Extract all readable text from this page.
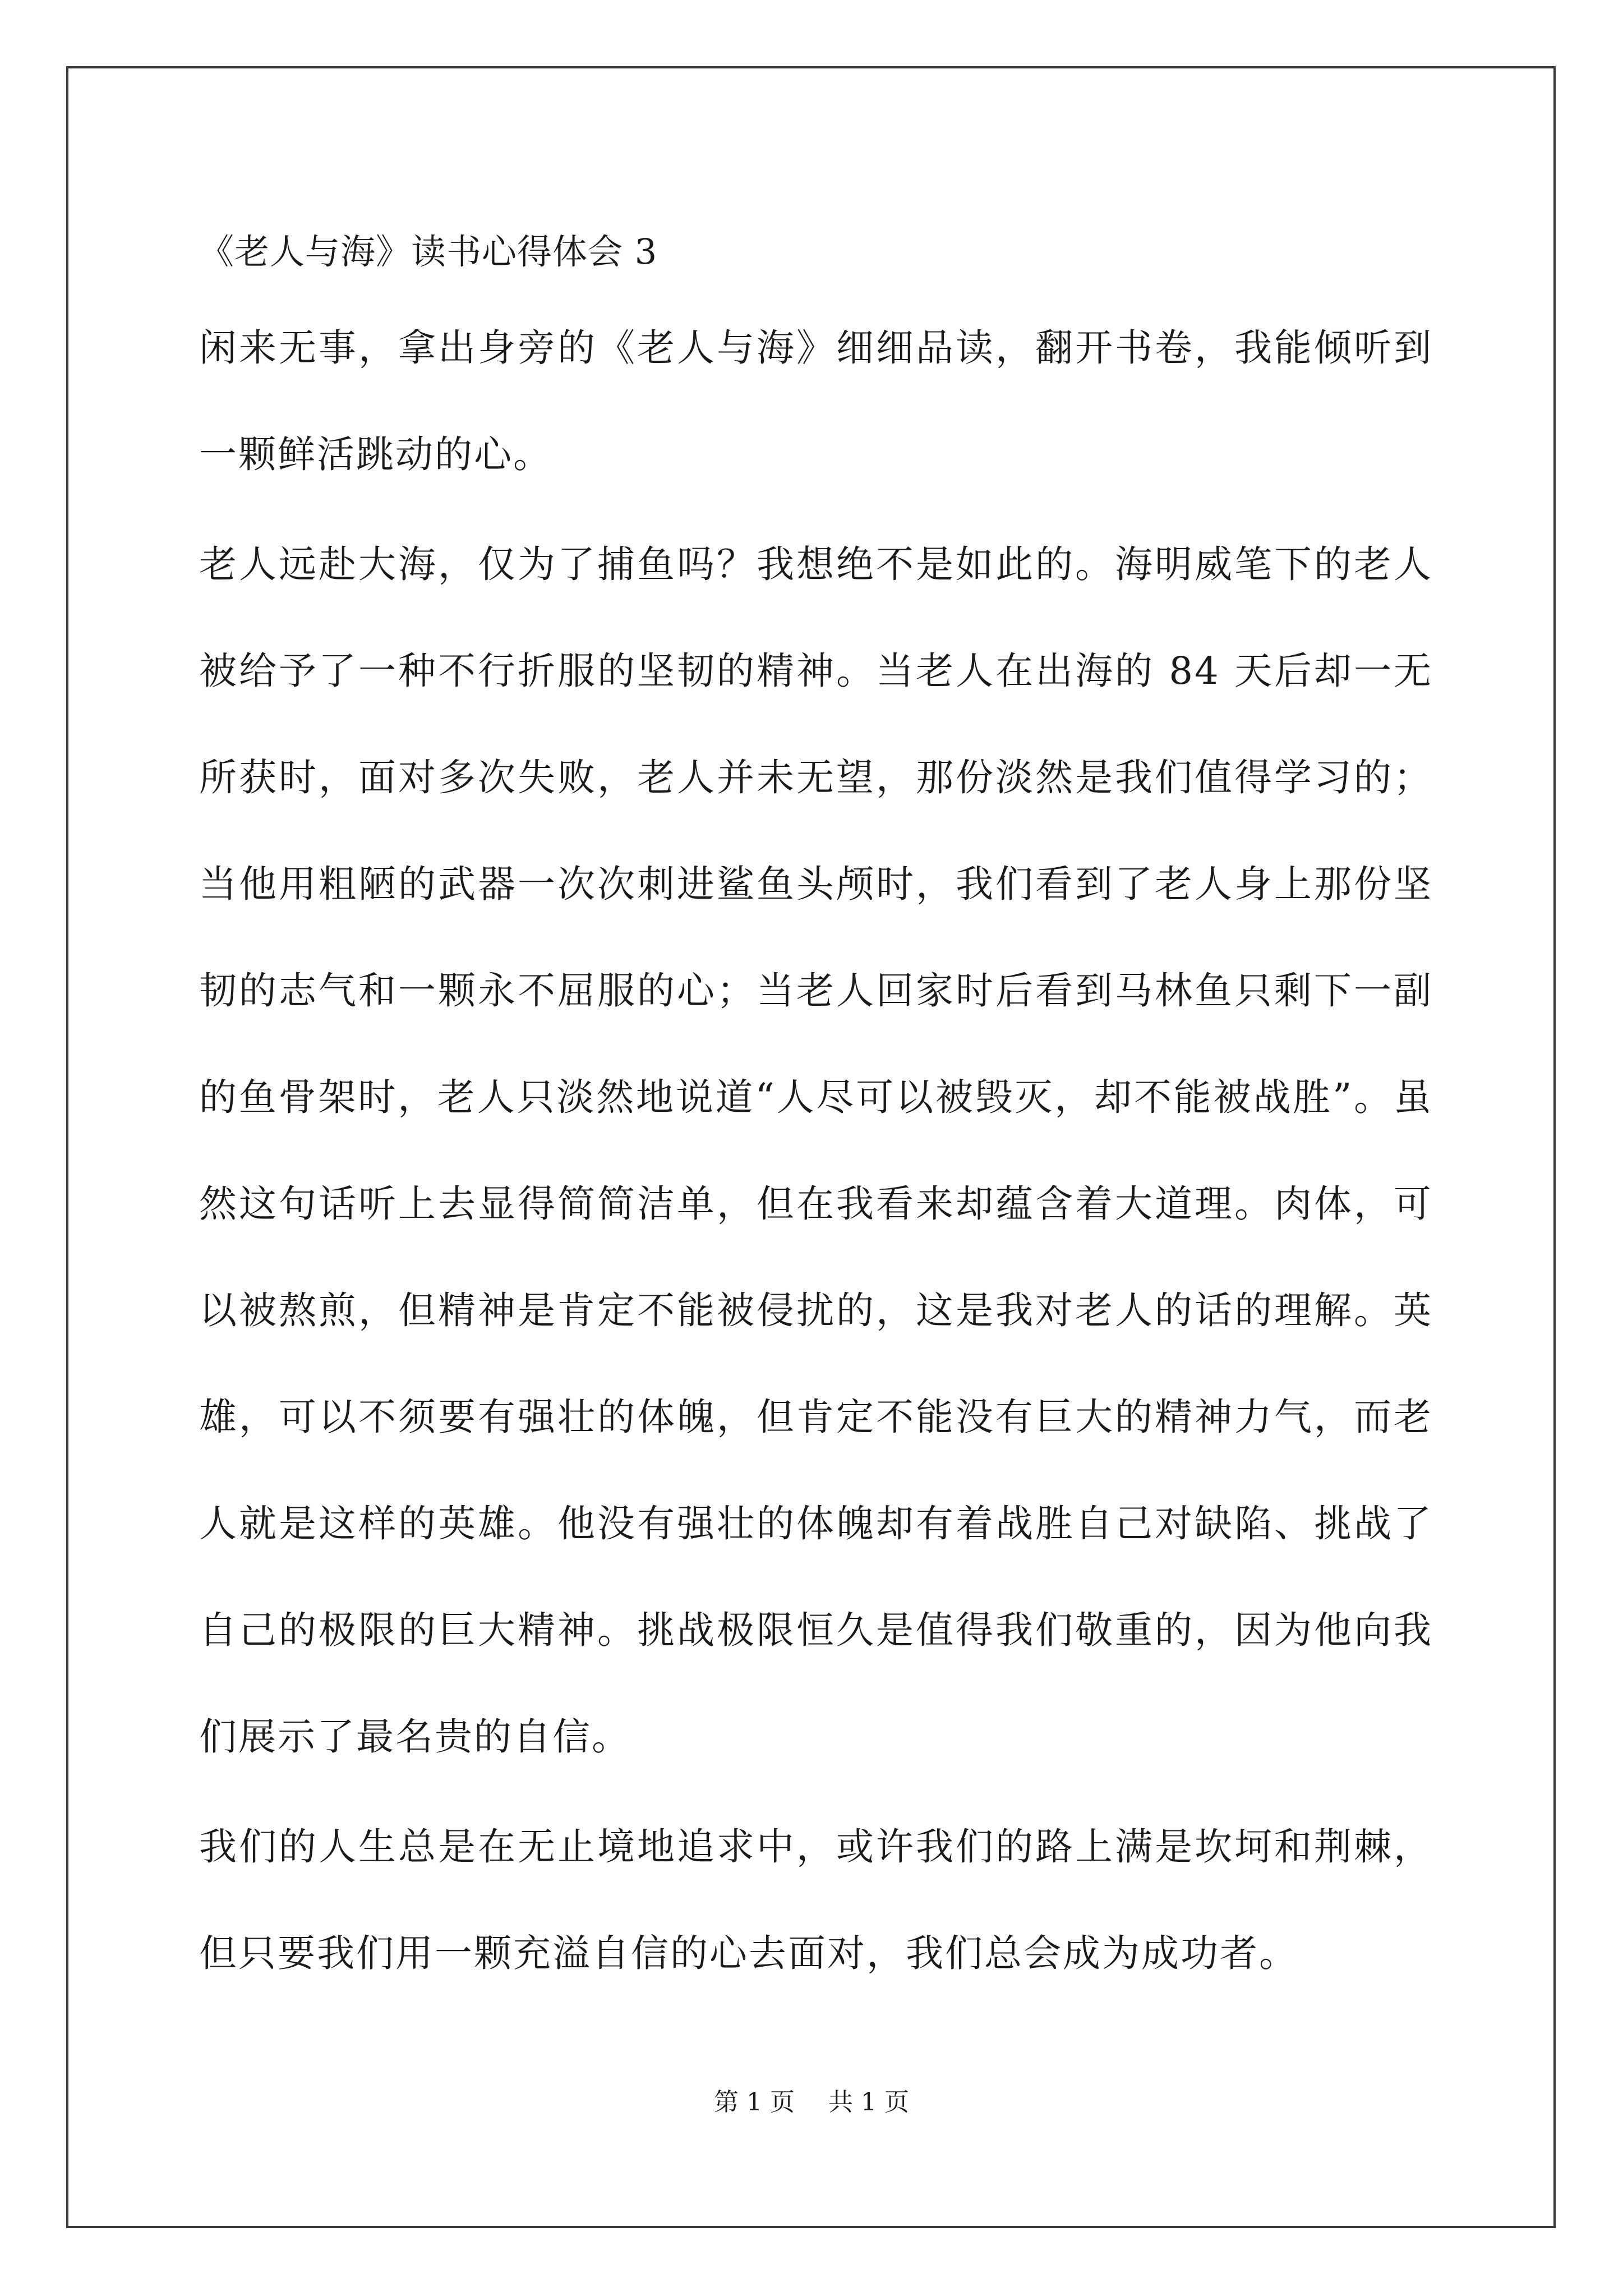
《老人与海》读书心得体会 3

闲来无事，拿出身旁的《老人与海》细细品读，翻开书卷，我能倾听到一颗鲜活跳动的心。

老人远赴大海，仅为了捕鱼吗？我想绝不是如此的。海明威笔下的老人被给予了一种不行折服的坚韧的精神。当老人在出海的 84 天后却一无所获时，面对多次失败，老人并未无望，那份淡然是我们值得学习的；当他用粗陋的武器一次次刺进鲨鱼头颅时，我们看到了老人身上那份坚韧的志气和一颗永不屈服的心；当老人回家时后看到马林鱼只剩下一副的鱼骨架时，老人只淡然地说道“人尽可以被毁灭，却不能被战胜”。虽然这句话听上去显得简简洁单，但在我看来却蕴含着大道理。肉体，可以被熬煎，但精神是肯定不能被侵扰的，这是我对老人的话的理解。英雄，可以不须要有强壮的体魄，但肯定不能没有巨大的精神力气，而老人就是这样的英雄。他没有强壮的体魄却有着战胜自己对缺陷、挑战了自己的极限的巨大精神。挑战极限恒久是值得我们敬重的，因为他向我们展示了最名贵的自信。

我们的人生总是在无止境地追求中，或许我们的路上满是坎坷和荆棘，但只要我们用一颗充溢自信的心去面对，我们总会成为成功者。

第 1 页 共 1 页
